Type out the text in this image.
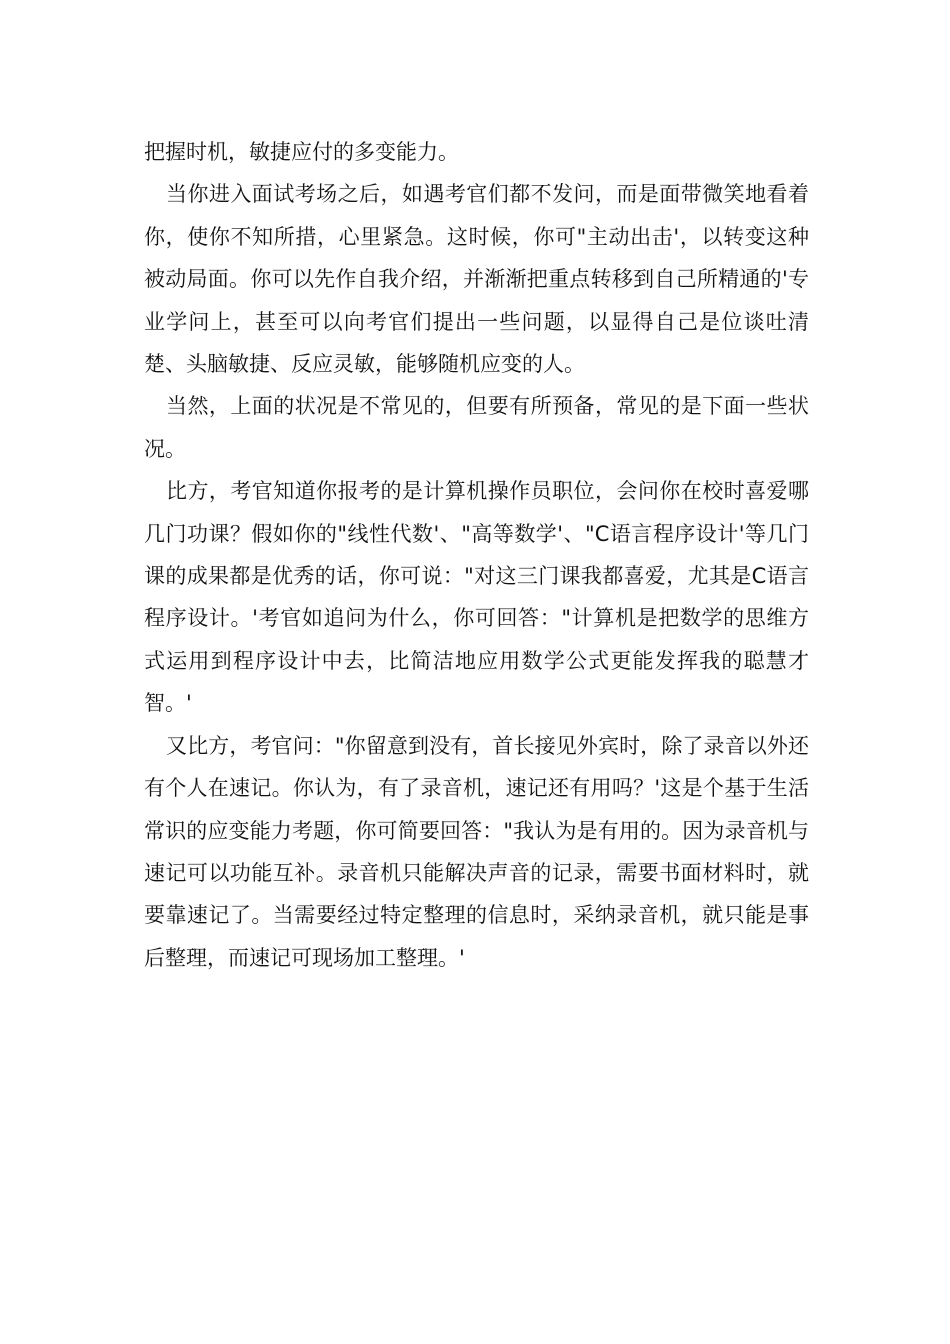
把握时机，敏捷应付的多变能力。

当你进入面试考场之后，如遇考官们都不发问，而是面带微笑地看着你，使你不知所措，心里紧急。这时候，你可"主动出击'，以转变这种被动局面。你可以先作自我介绍，并渐渐把重点转移到自己所精通的'专业学问上，甚至可以向考官们提出一些问题，以显得自己是位谈吐清楚、头脑敏捷、反应灵敏，能够随机应变的人。

当然，上面的状况是不常见的，但要有所预备，常见的是下面一些状况。

比方，考官知道你报考的是计算机操作员职位，会问你在校时喜爱哪几门功课？假如你的"线性代数'、"高等数学'、"C语言程序设计'等几门课的成果都是优秀的话，你可说："对这三门课我都喜爱，尤其是C语言程序设计。'考官如追问为什么，你可回答："计算机是把数学的思维方式运用到程序设计中去，比简洁地应用数学公式更能发挥我的聪慧才智。'

又比方，考官问："你留意到没有，首长接见外宾时，除了录音以外还有个人在速记。你认为，有了录音机，速记还有用吗？'这是个基于生活常识的应变能力考题，你可简要回答："我认为是有用的。因为录音机与速记可以功能互补。录音机只能解决声音的记录，需要书面材料时，就要靠速记了。当需要经过特定整理的信息时，采纳录音机，就只能是事后整理，而速记可现场加工整理。'
